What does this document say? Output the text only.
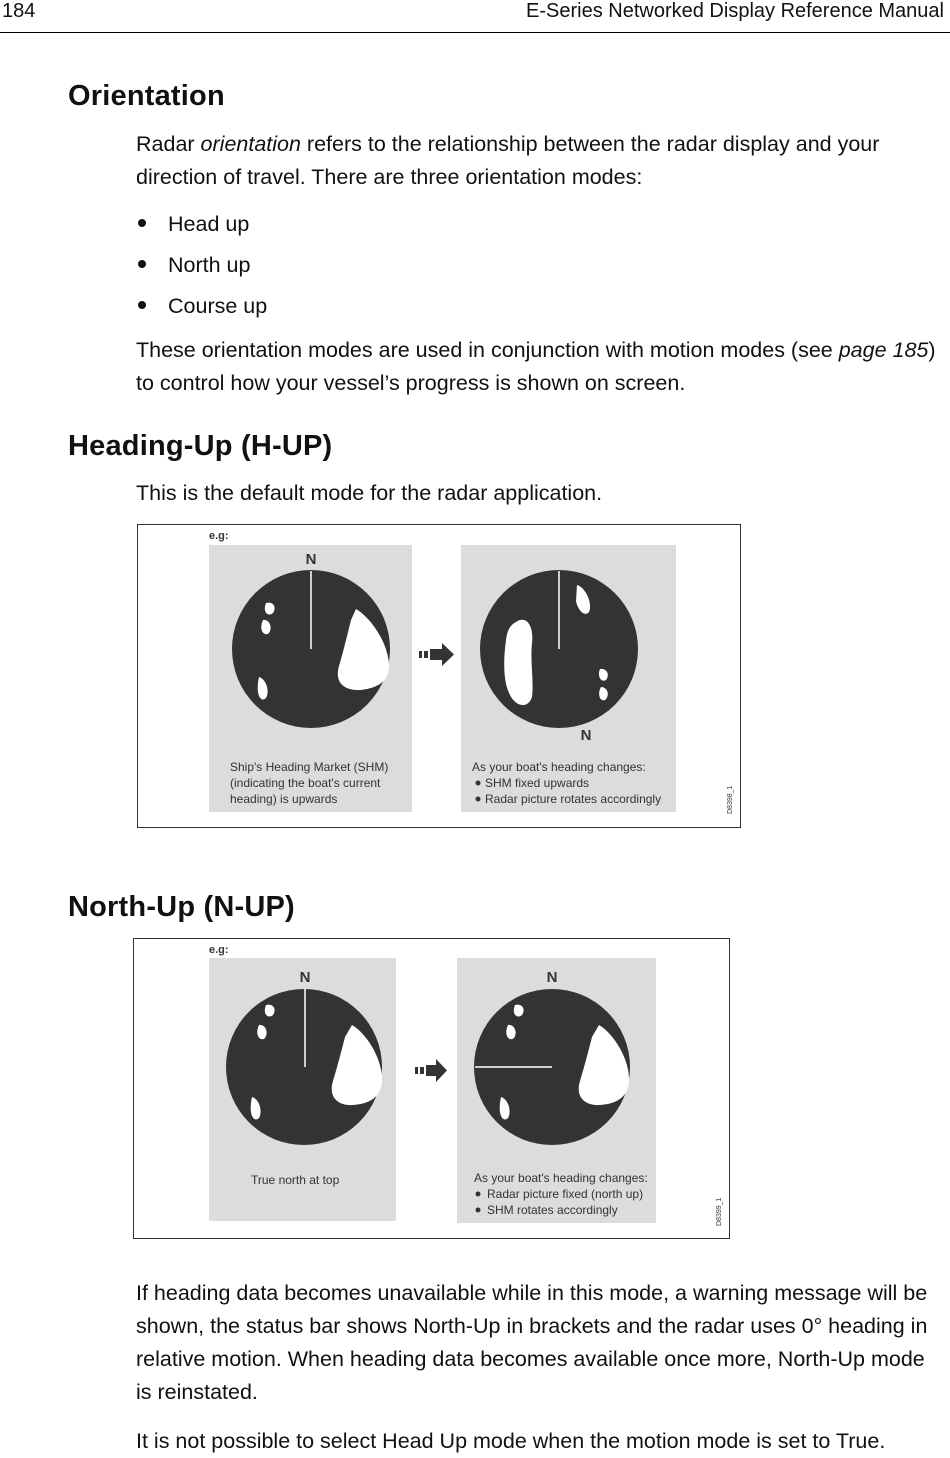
184	E-Series Networked Display Reference Manual
Orientation

Radar orientation refers to the relationship between the radar display and your direction of travel. There are three orientation modes:

Head up
North up
Course up

These orientation modes are used in conjunction with motion modes (see page 185) to control how your vessel’s progress is shown on screen.

Heading-Up (H-UP)

This is the default mode for the radar application.

e.g:
N
Ship's Heading Market (SHM) (indicating the boat's current heading) is upwards
N
As your boat's heading changes:
SHM fixed upwards
Radar picture rotates accordingly	D8398_1
North-Up (N-UP)
e.g:
N
True north at top
N
As your boat's heading changes:
Radar picture fixed (north up)
SHM rotates accordingly	D8399_1

If heading data becomes unavailable while in this mode, a warning message will be shown, the status bar shows North-Up in brackets and the radar uses 0° heading in relative motion. When heading data becomes available once more, North-Up mode is reinstated.

It is not possible to select Head Up mode when the motion mode is set to True.
